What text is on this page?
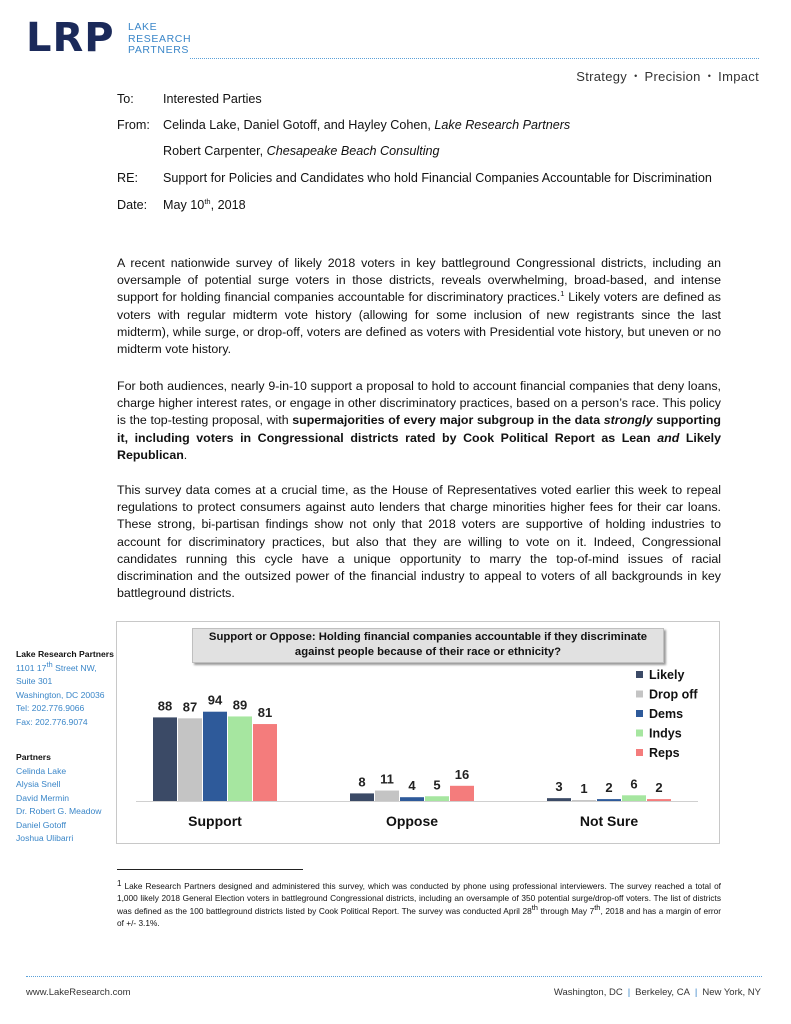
LRP LAKE
RESEARCH
PARTNERS
Strategy • Precision • Impact
To: Interested Parties
From: Celinda Lake, Daniel Gotoff, and Hayley Cohen, Lake Research Partners
Robert Carpenter, Chesapeake Beach Consulting
RE: Support for Policies and Candidates who hold Financial Companies Accountable for Discrimination
Date: May 10th, 2018
A recent nationwide survey of likely 2018 voters in key battleground Congressional districts, including an oversample of potential surge voters in those districts, reveals overwhelming, broad-based, and intense support for holding financial companies accountable for discriminatory practices.$^1$ Likely voters are defined as voters with regular midterm vote history (allowing for some inclusion of new registrants since the last midterm), while surge, or drop-off, voters are defined as voters with Presidential vote history, but uneven or no midterm vote history.
For both audiences, nearly 9-in-10 support a proposal to hold to account financial companies that deny loans, charge higher interest rates, or engage in other discriminatory practices, based on a person’s race. This policy is the top-testing proposal, with supermajorities of every major subgroup in the data strongly supporting it, including voters in Congressional districts rated by Cook Political Report as Lean and Likely Republican.
This survey data comes at a crucial time, as the House of Representatives voted earlier this week to repeal regulations to protect consumers against auto lenders that charge minorities higher fees for their car loans. These strong, bi-partisan findings show not only that 2018 voters are supportive of holding industries to account for discriminatory practices, but also that they are willing to vote on it. Indeed, Congressional candidates running this cycle have a unique opportunity to marry the top-of-mind issues of racial discrimination and the outsized power of the financial industry to appeal to voters of all backgrounds in key battleground districts.
Lake Research Partners
1101 17th Street NW,
Suite 301
Washington, DC 20036
Tel: 202.776.9066
Fax: 202.776.9074
Partners
Celinda Lake
Alysia Snell
David Mermin
Dr. Robert G. Meadow
Daniel Gotoff
Joshua Ulibarri
Support or Oppose: Holding financial companies accountable if they discriminate against people because of their race or ethnicity?
88 87 94 89
81
Support
8 11 4 5
16
Oppose
3 1 2 6 2
Not Sure
Likely
Drop off
Dems
Indys
Reps
1 Lake Research Partners designed and administered this survey, which was conducted by phone using professional interviewers. The survey reached a total of 1,000 likely 2018 General Election voters in battleground Congressional districts, including an oversample of 350 potential surge/drop-off voters. The list of districts was defined as the 100 battleground districts listed by Cook Political Report. The survey was conducted April 28th through May 7th, 2018 and has a margin of error of +/- 3.1%.
www.LakeResearch.com	Washington, DC | Berkeley, CA | New York, NY
